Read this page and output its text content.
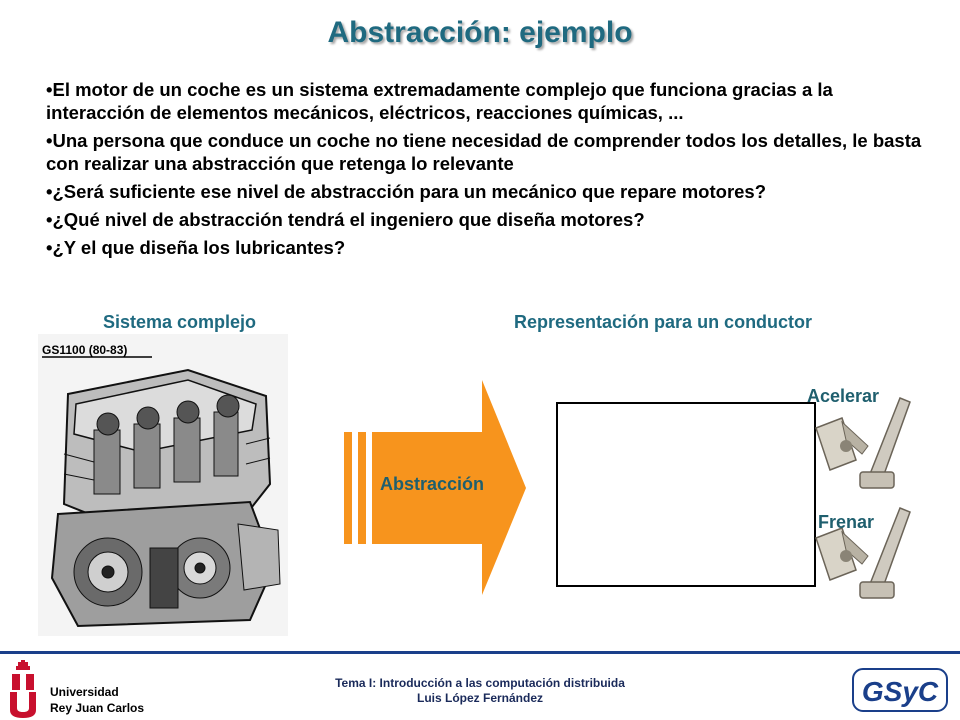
Abstracción: ejemplo
• El motor de un coche es un sistema extremadamente complejo que funciona gracias a la interacción de elementos mecánicos, eléctricos, reacciones químicas, ...
• Una persona que conduce un coche no tiene necesidad de comprender todos los detalles, le basta con realizar una abstracción que retenga lo relevante
• ¿Será suficiente ese nivel de abstracción para un mecánico que repare motores?
• ¿Qué nivel de abstracción tendrá el ingeniero que diseña motores?
• ¿Y el que diseña los lubricantes?
Sistema complejo	Representación para un conductor
GS1100 (80-83)
Abstracción
Acelerar
Frenar
Universidad
Rey Juan Carlos
Tema I: Introducción a las computación distribuida
Luis López Fernández	GSyC
